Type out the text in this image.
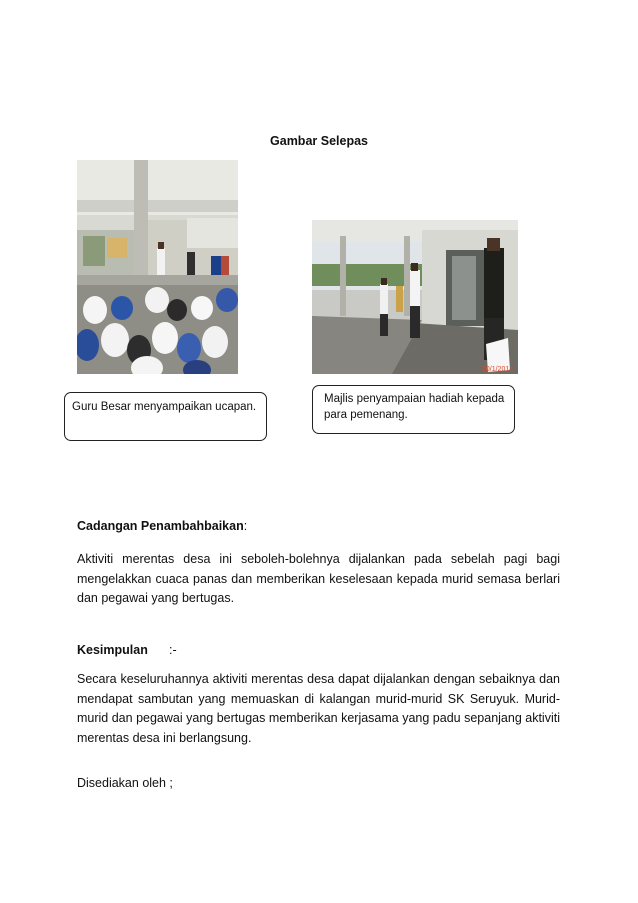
Gambar Selepas
20/1/2014
Guru Besar menyampaikan ucapan.
Majlis penyampaian hadiah kepada para pemenang.
Cadangan Penambahbaikan:
Aktiviti merentas desa ini seboleh-bolehnya dijalankan pada sebelah pagi bagi mengelakkan cuaca panas dan memberikan keselesaan kepada murid semasa berlari dan pegawai yang bertugas.
Kesimpulan :-
Secara keseluruhannya aktiviti merentas desa dapat dijalankan dengan sebaiknya dan mendapat sambutan yang memuaskan di kalangan murid-murid SK Seruyuk. Murid-murid dan pegawai yang bertugas memberikan kerjasama yang padu sepanjang aktiviti merentas desa ini berlangsung.
Disediakan oleh ;
